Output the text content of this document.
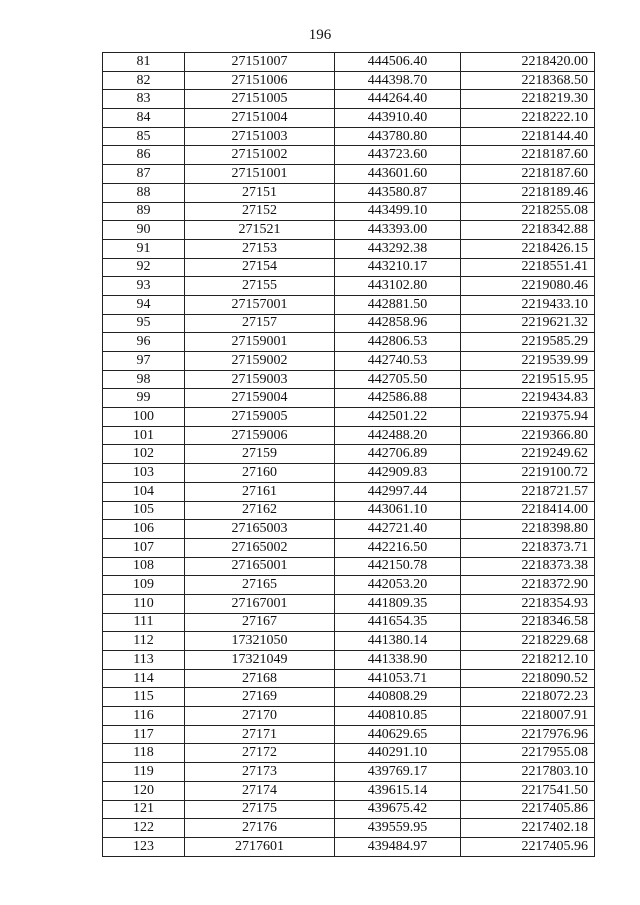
196
81	27151007	444506.40	2218420.00
82	27151006	444398.70	2218368.50
83	27151005	444264.40	2218219.30
84	27151004	443910.40	2218222.10
85	27151003	443780.80	2218144.40
86	27151002	443723.60	2218187.60
87	27151001	443601.60	2218187.60
88	27151	443580.87	2218189.46
89	27152	443499.10	2218255.08
90	271521	443393.00	2218342.88
91	27153	443292.38	2218426.15
92	27154	443210.17	2218551.41
93	27155	443102.80	2219080.46
94	27157001	442881.50	2219433.10
95	27157	442858.96	2219621.32
96	27159001	442806.53	2219585.29
97	27159002	442740.53	2219539.99
98	27159003	442705.50	2219515.95
99	27159004	442586.88	2219434.83
100	27159005	442501.22	2219375.94
101	27159006	442488.20	2219366.80
102	27159	442706.89	2219249.62
103	27160	442909.83	2219100.72
104	27161	442997.44	2218721.57
105	27162	443061.10	2218414.00
106	27165003	442721.40	2218398.80
107	27165002	442216.50	2218373.71
108	27165001	442150.78	2218373.38
109	27165	442053.20	2218372.90
110	27167001	441809.35	2218354.93
111	27167	441654.35	2218346.58
112	17321050	441380.14	2218229.68
113	17321049	441338.90	2218212.10
114	27168	441053.71	2218090.52
115	27169	440808.29	2218072.23
116	27170	440810.85	2218007.91
117	27171	440629.65	2217976.96
118	27172	440291.10	2217955.08
119	27173	439769.17	2217803.10
120	27174	439615.14	2217541.50
121	27175	439675.42	2217405.86
122	27176	439559.95	2217402.18
123	2717601	439484.97	2217405.96
